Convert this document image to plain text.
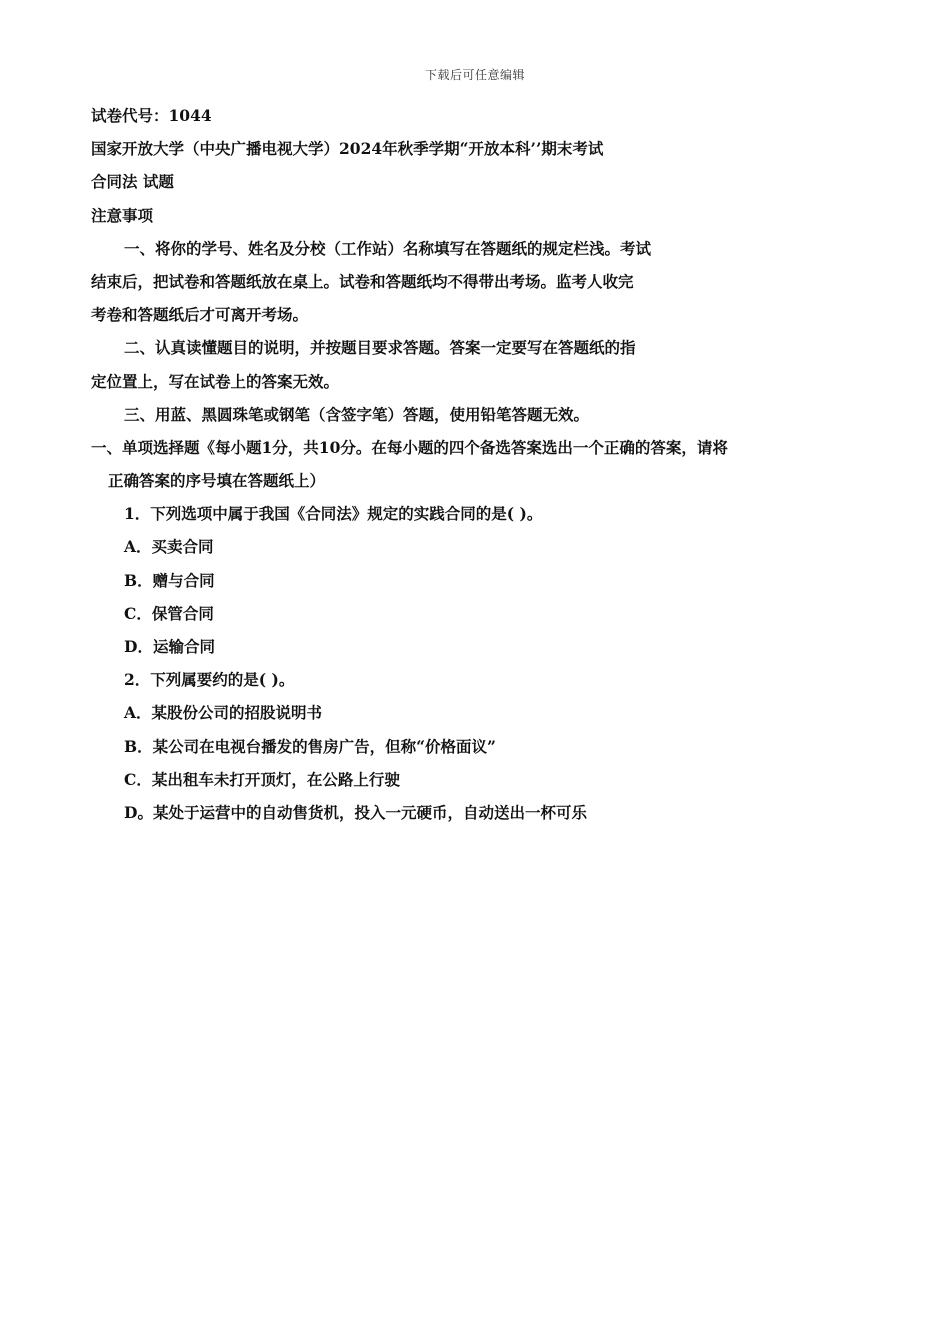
下载后可任意编辑
试卷代号：1044
国家开放大学（中央广播电视大学）2024年秋季学期“开放本科’’期末考试
合同法 试题
注意事项
一、将你的学号、姓名及分校（工作站）名称填写在答题纸的规定栏浅。考试
结束后，把试卷和答题纸放在桌上。试卷和答题纸均不得带出考场。监考人收完
考卷和答题纸后才可离开考场。
二、认真读懂题目的说明，并按题目要求答题。答案一定要写在答题纸的指
定位置上，写在试卷上的答案无效。
三、用蓝、黑圆珠笔或钢笔（含签字笔）答题，使用铅笔答题无效。
一、单项选择题《每小题1分，共10分。在每小题的四个备选答案选出一个正确的答案，请将
正确答案的序号填在答题纸上）
1．下列选项中属于我国《合同法》规定的实践合同的是( )。
A．买卖合同
B．赠与合同
C．保管合同
D．运输合同
2．下列属要约的是( )。
A．某股份公司的招股说明书
B．某公司在电视台播发的售房广告，但称“价格面议”
C．某出租车未打开顶灯，在公路上行驶
D。某处于运营中的自动售货机，投入一元硬币，自动送出一杯可乐
